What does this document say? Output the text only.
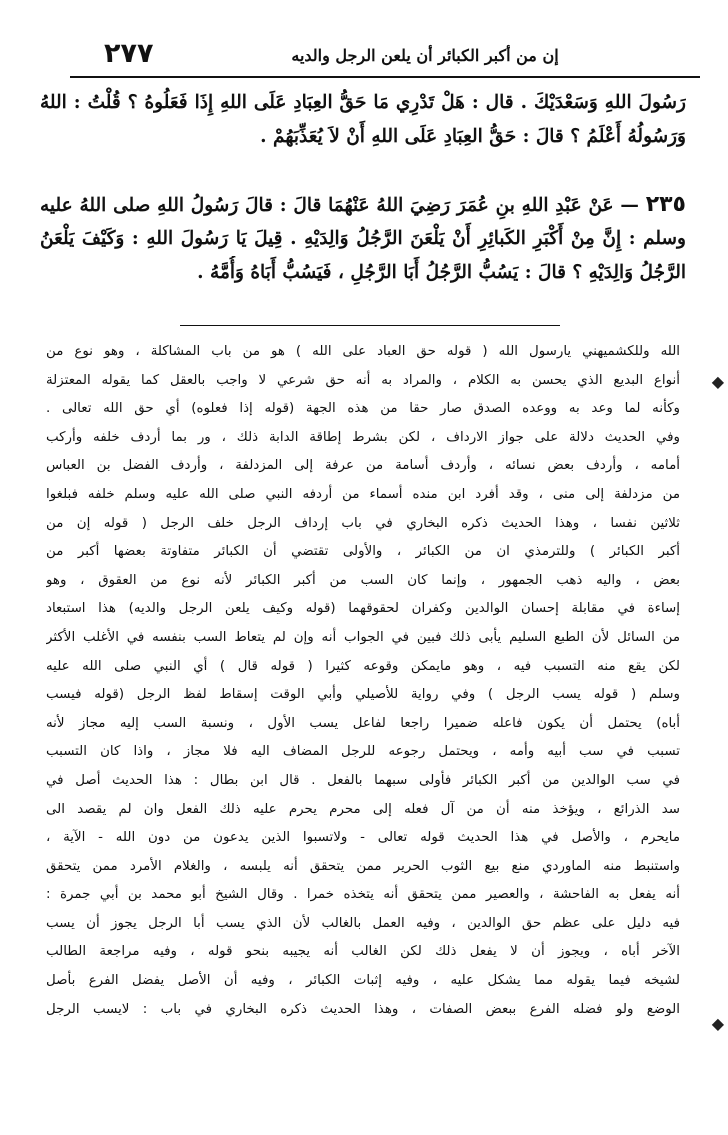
٢٧٧	إن من أكبر الكبائر أن يلعن الرجل والديه
رَسُولَ اللهِ وَسَعْدَيْكَ . قال : هَلْ تَدْرِي مَا حَقُّ العِبَادِ عَلَى اللهِ إِذَا فَعَلُوهُ ؟ قُلْتُ : اللهُ
وَرَسُولُهُ أَعْلَمُ ؟ قالَ : حَقُّ العِبَادِ عَلَى اللهِ أَنْ لاَ يُعَذِّبَهُمْ .
٢٣٥ — عَنْ عَبْدِ اللهِ بنِ عُمَرَ رَضِيَ اللهُ عَنْهُمَا قالَ : قالَ رَسُولُ اللهِ صلى اللهُ عليه
وسلم : إِنَّ مِنْ أَكْبَرِ الكَبائِرِ أَنْ يَلْعَنَ الرَّجُلُ وَالِدَيْهِ . قِيلَ يَا رَسُولَ اللهِ : وَكَيْفَ يَلْعَنُ
الرَّجُلُ وَالِدَيْهِ ؟ قالَ : يَسُبُّ الرَّجُلُ أَبَا الرَّجُلِ ، فَيَسُبُّ أَبَاهُ وَأُمَّهُ .
الله وللكشميهني يارسول الله ( قوله حق العباد على الله ) هو من باب المشاكلة ، وهو نوع من
أنواع البديع الذي يحسن به الكلام ، والمراد به أنه حق شرعي لا واجب بالعقل كما يقوله المعتزلة
وكأنه لما وعد به ووعده الصدق صار حقا من هذه الجهة (قوله إذا فعلوه) أي حق الله تعالى .
وفي الحديث دلالة على جواز الارداف ، لكن بشرط إطاقة الدابة ذلك ، ور بما أردف خلفه وأركب
أمامه ، وأردف بعض نسائه ، وأردف أسامة من عرفة إلى المزدلفة ، وأردف الفضل بن العباس
من مزدلفة إلى منى ، وقد أفرد ابن منده أسماء من أردفه النبي صلى الله عليه وسلم خلفه فبلغوا
ثلاثين نفسا ، وهذا الحديث ذكره البخاري في باب إرداف الرجل خلف الرجل ( قوله إن من
أكبر الكبائر ) وللترمذي ان من الكبائر ، والأولى تقتضي أن الكبائر متفاوتة بعضها أكبر من
بعض ، واليه ذهب الجمهور ، وإنما كان السب من أكبر الكبائر لأنه نوع من العقوق ، وهو
إساءة في مقابلة إحسان الوالدين وكفران لحقوقهما (قوله وكيف يلعن الرجل والديه) هذا استبعاد
من السائل لأن الطبع السليم يأبى ذلك فبين في الجواب أنه وإن لم يتعاط السب بنفسه في الأغلب الأكثر
لكن يقع منه التسبب فيه ، وهو مايمكن وقوعه كثيرا ( قوله قال ) أي النبي صلى الله عليه
وسلم ( قوله يسب الرجل ) وفي رواية للأصيلي وأبي الوقت إسقاط لفظ الرجل (قوله فيسب
أباه) يحتمل أن يكون فاعله ضميرا راجعا لفاعل يسب الأول ، ونسبة السب إليه مجاز لأنه
تسبب في سب أبيه وأمه ، ويحتمل رجوعه للرجل المضاف اليه فلا مجاز ، واذا كان التسبب
في سب الوالدين من أكبر الكبائر فأولى سبهما بالفعل . قال ابن بطال : هذا الحديث أصل في
سد الذرائع ، ويؤخذ منه أن من آل فعله إلى محرم يحرم عليه ذلك الفعل وان لم يقصد الى
مايحرم ، والأصل في هذا الحديث قوله تعالى - ولاتسبوا الذين يدعون من دون الله - الآية ،
واستنبط منه الماوردي منع بيع الثوب الحرير ممن يتحقق أنه يلبسه ، والغلام الأمرد ممن يتحقق
أنه يفعل به الفاحشة ، والعصير ممن يتحقق أنه يتخذه خمرا . وقال الشيخ أبو محمد بن أبي جمرة :
فيه دليل على عظم حق الوالدين ، وفيه العمل بالغالب لأن الذي يسب أبا الرجل يجوز أن يسب
الآخر أباه ، ويجوز أن لا يفعل ذلك لكن الغالب أنه يجيبه بنحو قوله ، وفيه مراجعة الطالب
لشيخه فيما يقوله مما يشكل عليه ، وفيه إثبات الكبائر ، وفيه أن الأصل يفضل الفرع بأصل
الوضع ولو فضله الفرع ببعض الصفات ، وهذا الحديث ذكره البخاري في باب : لايسب الرجل
◆
◆
